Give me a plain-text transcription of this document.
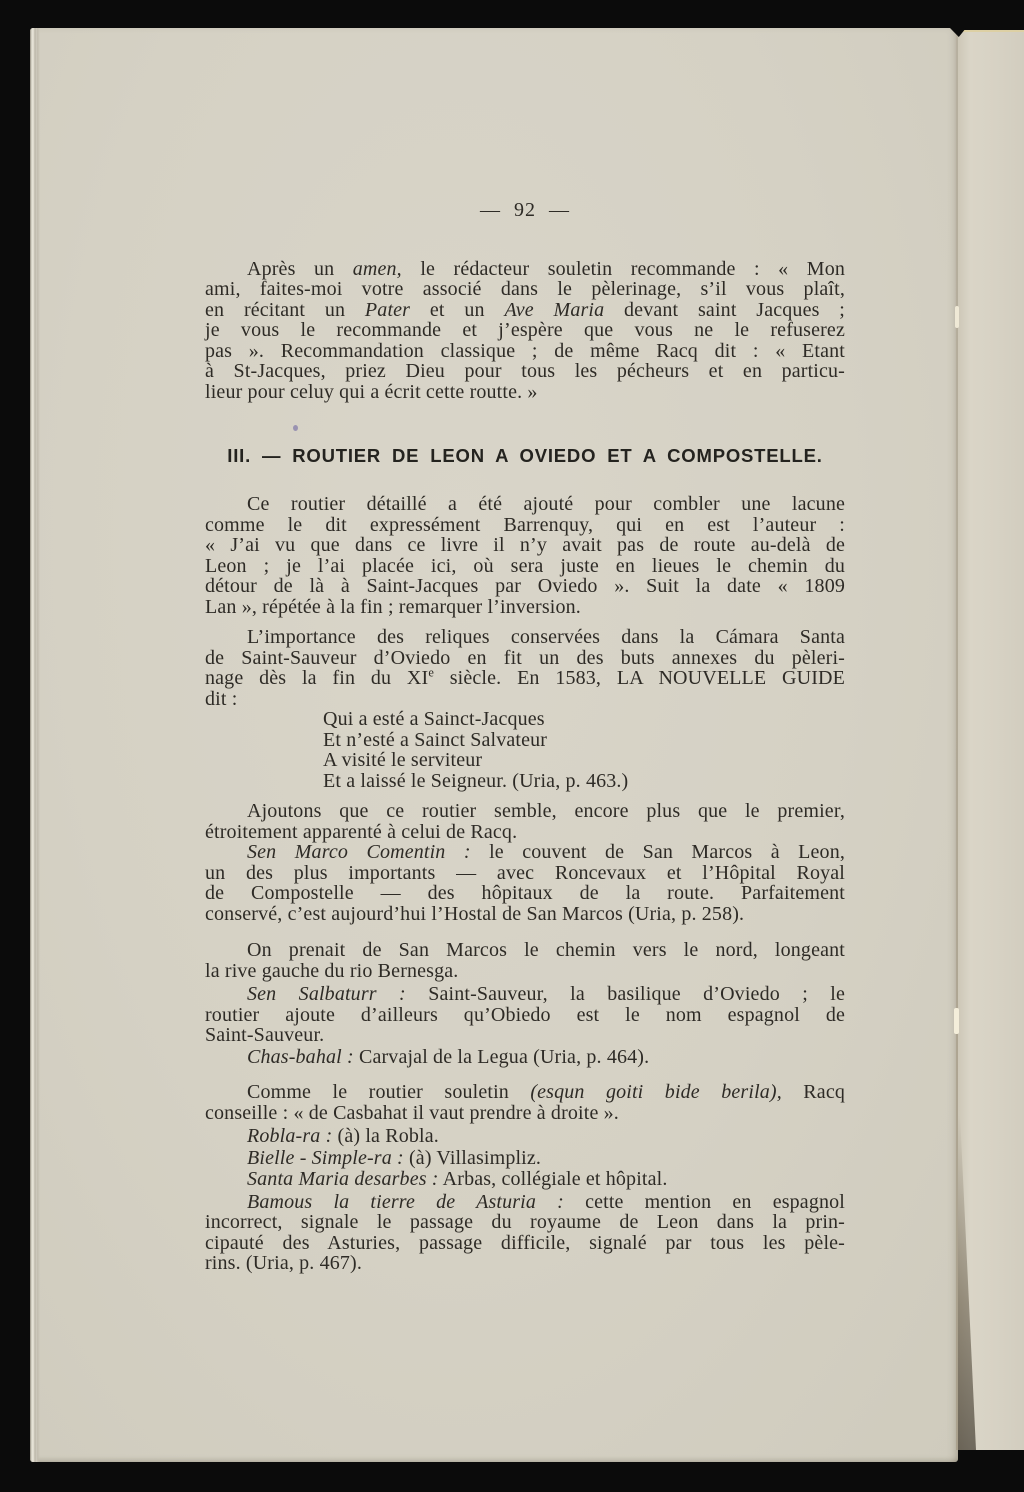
— 92 —
Après un amen, le rédacteur souletin recommande : « Mon
ami, faites-moi votre associé dans le pèlerinage, s’il vous plaît,
en récitant un Pater et un Ave Maria devant saint Jacques ;
je vous le recommande et j’espère que vous ne le refuserez
pas ». Recommandation classique ; de même Racq dit : « Etant
à St-Jacques, priez Dieu pour tous les pécheurs et en particu-
lieur pour celuy qui a écrit cette routte. »
III. — ROUTIER DE LEON A OVIEDO ET A COMPOSTELLE.
Ce routier détaillé a été ajouté pour combler une lacune
comme le dit expressément Barrenquy, qui en est l’auteur :
« J’ai vu que dans ce livre il n’y avait pas de route au-delà de
Leon ; je l’ai placée ici, où sera juste en lieues le chemin du
détour de là à Saint-Jacques par Oviedo ». Suit la date « 1809
Lan », répétée à la fin ; remarquer l’inversion.
L’importance des reliques conservées dans la Cámara Santa
de Saint-Sauveur d’Oviedo en fit un des buts annexes du pèleri-
nage dès la fin du XIe siècle. En 1583, LA NOUVELLE GUIDE
dit :
Qui a esté a Sainct-Jacques
Et n’esté a Sainct Salvateur
A visité le serviteur
Et a laissé le Seigneur. (Uria, p. 463.)
Ajoutons que ce routier semble, encore plus que le premier,
étroitement apparenté à celui de Racq.
Sen Marco Comentin : le couvent de San Marcos à Leon,
un des plus importants — avec Roncevaux et l’Hôpital Royal
de Compostelle — des hôpitaux de la route. Parfaitement
conservé, c’est aujourd’hui l’Hostal de San Marcos (Uria, p. 258).
On prenait de San Marcos le chemin vers le nord, longeant
la rive gauche du rio Bernesga.
Sen Salbaturr : Saint-Sauveur, la basilique d’Oviedo ; le
routier ajoute d’ailleurs qu’Obiedo est le nom espagnol de
Saint-Sauveur.
Chas-bahal : Carvajal de la Legua (Uria, p. 464).
Comme le routier souletin (esqun goiti bide berila), Racq
conseille : « de Casbahat il vaut prendre à droite ».
Robla-ra : (à) la Robla.
Bielle - Simple-ra : (à) Villasimpliz.
Santa Maria desarbes : Arbas, collégiale et hôpital.
Bamous la tierre de Asturia : cette mention en espagnol
incorrect, signale le passage du royaume de Leon dans la prin-
cipauté des Asturies, passage difficile, signalé par tous les pèle-
rins. (Uria, p. 467).
